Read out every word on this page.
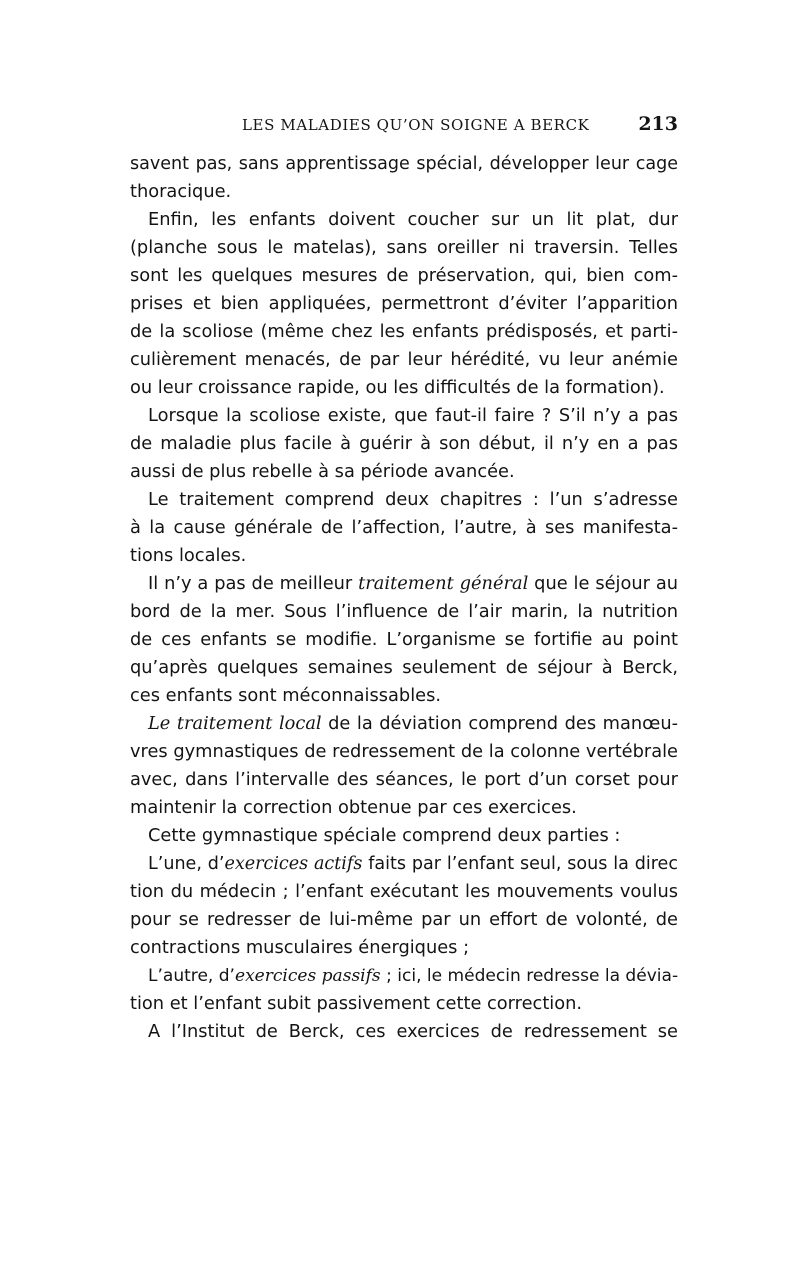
LES MALADIES QU’ON SOIGNE A BERCK	213
savent pas, sans apprentissage spécial, développer leur cage
thoracique.
Enfin, les enfants doivent coucher sur un lit plat, dur
(planche sous le matelas), sans oreiller ni traversin. Telles
sont les quelques mesures de préservation, qui, bien com-
prises et bien appliquées, permettront d’éviter l’apparition
de la scoliose (même chez les enfants prédisposés, et parti-
culièrement menacés, de par leur hérédité, vu leur anémie
ou leur croissance rapide, ou les difficultés de la formation).
Lorsque la scoliose existe, que faut-il faire ? S’il n’y a pas
de maladie plus facile à guérir à son début, il n’y en a pas
aussi de plus rebelle à sa période avancée.
Le traitement comprend deux chapitres : l’un s’adresse
à la cause générale de l’affection, l’autre, à ses manifesta-
tions locales.
Il n’y a pas de meilleur traitement général que le séjour au
bord de la mer. Sous l’influence de l’air marin, la nutrition
de ces enfants se modifie. L’organisme se fortifie au point
qu’après quelques semaines seulement de séjour à Berck,
ces enfants sont méconnaissables.
Le traitement local de la déviation comprend des manœu-
vres gymnastiques de redressement de la colonne vertébrale
avec, dans l’intervalle des séances, le port d’un corset pour
maintenir la correction obtenue par ces exercices.
Cette gymnastique spéciale comprend deux parties :
L’une, d’exercices actifs faits par l’enfant seul, sous la direc
tion du médecin ; l’enfant exécutant les mouvements voulus
pour se redresser de lui-même par un effort de volonté, de
contractions musculaires énergiques ;
L’autre, d’exercices passifs ; ici, le médecin redresse la dévia-
tion et l’enfant subit passivement cette correction.
A l’Institut de Berck, ces exercices de redressement se
